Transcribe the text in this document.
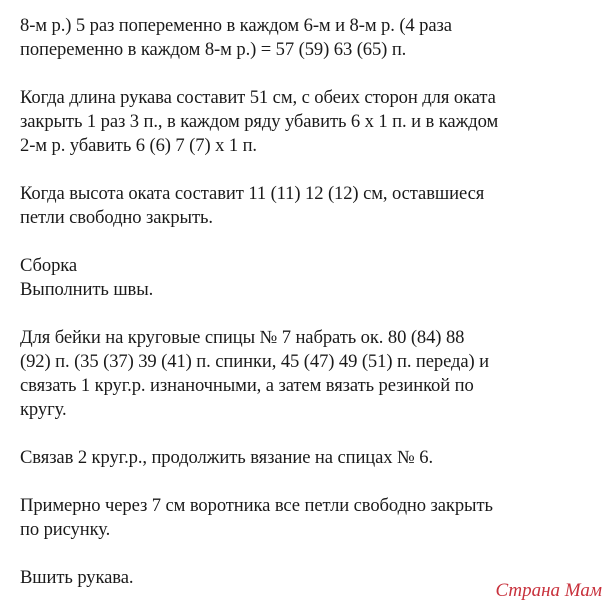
8-м р.) 5 раз попеременно в каждом 6-м и 8-м р. (4 раза
попеременно в каждом 8-м р.) = 57 (59) 63 (65) п.

Когда длина рукава составит 51 см, с обеих сторон для оката
закрыть 1 раз 3 п., в каждом ряду убавить 6 х 1 п. и в каждом
2-м р. убавить 6 (6) 7 (7) х 1 п.

Когда высота оката составит 11 (11) 12 (12) см, оставшиеся
петли свободно закрыть.

Сборка
Выполнить швы.

Для бейки на круговые спицы № 7 набрать ок. 80 (84) 88
(92) п. (35 (37) 39 (41) п. спинки, 45 (47) 49 (51) п. переда) и
связать 1 круг.р. изнаночными, а затем вязать резинкой по
кругу.

Связав 2 круг.р., продолжить вязание на спицах № 6.

Примерно через 7 см воротника все петли свободно закрыть
по рисунку.

Вшить рукава.

Страна Мам
